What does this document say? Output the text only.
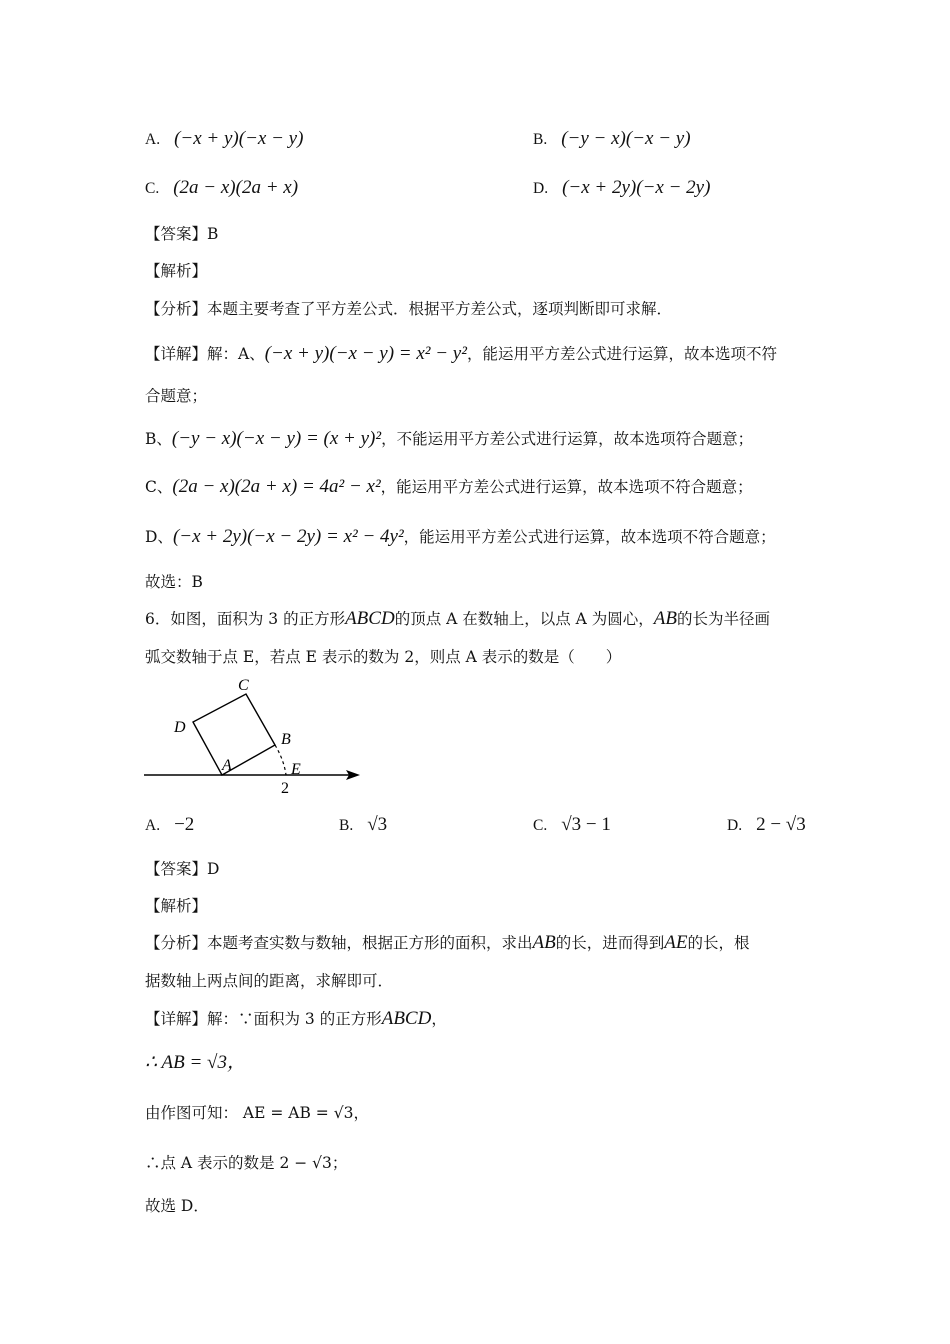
A. (−x + y)(−x − y)	B. (−y − x)(−x − y)
C. (2a − x)(2a + x)	D. (−x + 2y)(−x − 2y)
【答案】B
【解析】
【分析】本题主要考查了平方差公式．根据平方差公式，逐项判断即可求解．
【详解】解：A、(−x + y)(−x − y) = x² − y²，能运用平方差公式进行运算，故本选项不符
合题意；
B、(−y − x)(−x − y) = (x + y)²，不能运用平方差公式进行运算，故本选项符合题意；
C、(2a − x)(2a + x) = 4a² − x²，能运用平方差公式进行运算，故本选项不符合题意；
D、(−x + 2y)(−x − 2y) = x² − 4y²，能运用平方差公式进行运算，故本选项不符合题意；
故选：B
6．如图，面积为 3 的正方形ABCD的顶点 A 在数轴上，以点 A 为圆心，AB的长为半径画
弧交数轴于点 E，若点 E 表示的数为 2，则点 A 表示的数是（　　）
C
D
B
A	E
2
A. −2	B. √3	C. √3 − 1	D. 2 − √3
【答案】D
【解析】
【分析】本题考查实数与数轴，根据正方形的面积，求出AB的长，进而得到AE的长，根
据数轴上两点间的距离，求解即可．
【详解】解：∵面积为 3 的正方形ABCD，
∴ AB = √3，
由作图可知： AE = AB = √3，
∴点 A 表示的数是 2 − √3；
故选 D．
